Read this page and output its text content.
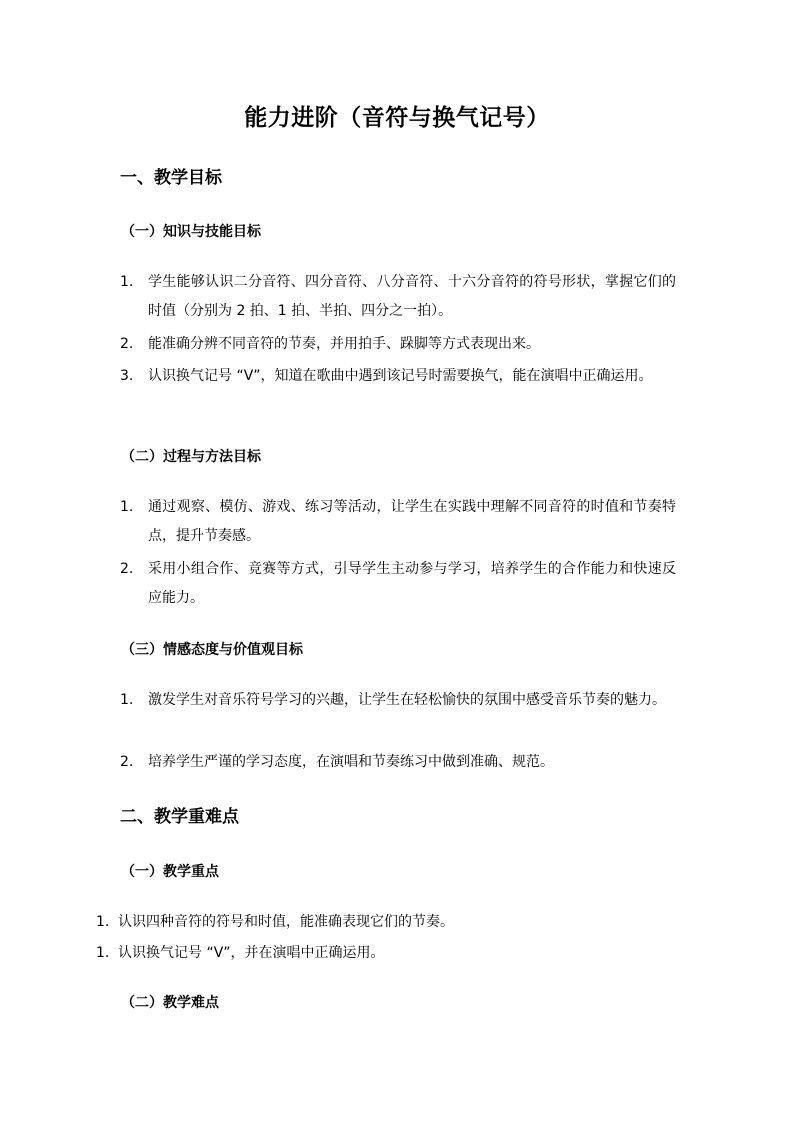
能力进阶（音符与换气记号）
一、教学目标
（一）知识与技能目标
1.	学生能够认识二分音符、四分音符、八分音符、十六分音符的符号形状，掌握它们的时值（分别为 2 拍、1 拍、半拍、四分之一拍）。
2.	能准确分辨不同音符的节奏，并用拍手、跺脚等方式表现出来。
3.	认识换气记号 “V”，知道在歌曲中遇到该记号时需要换气，能在演唱中正确运用。
（二）过程与方法目标
1.	通过观察、模仿、游戏、练习等活动，让学生在实践中理解不同音符的时值和节奏特点，提升节奏感。
2.	采用小组合作、竞赛等方式，引导学生主动参与学习，培养学生的合作能力和快速反应能力。
（三）情感态度与价值观目标
1.	激发学生对音乐符号学习的兴趣，让学生在轻松愉快的氛围中感受音乐节奏的魅力。
2.	培养学生严谨的学习态度，在演唱和节奏练习中做到准确、规范。
二、教学重难点
（一）教学重点
1. 认识四种音符的符号和时值，能准确表现它们的节奏。
1. 认识换气记号 “V”，并在演唱中正确运用。
（二）教学难点
